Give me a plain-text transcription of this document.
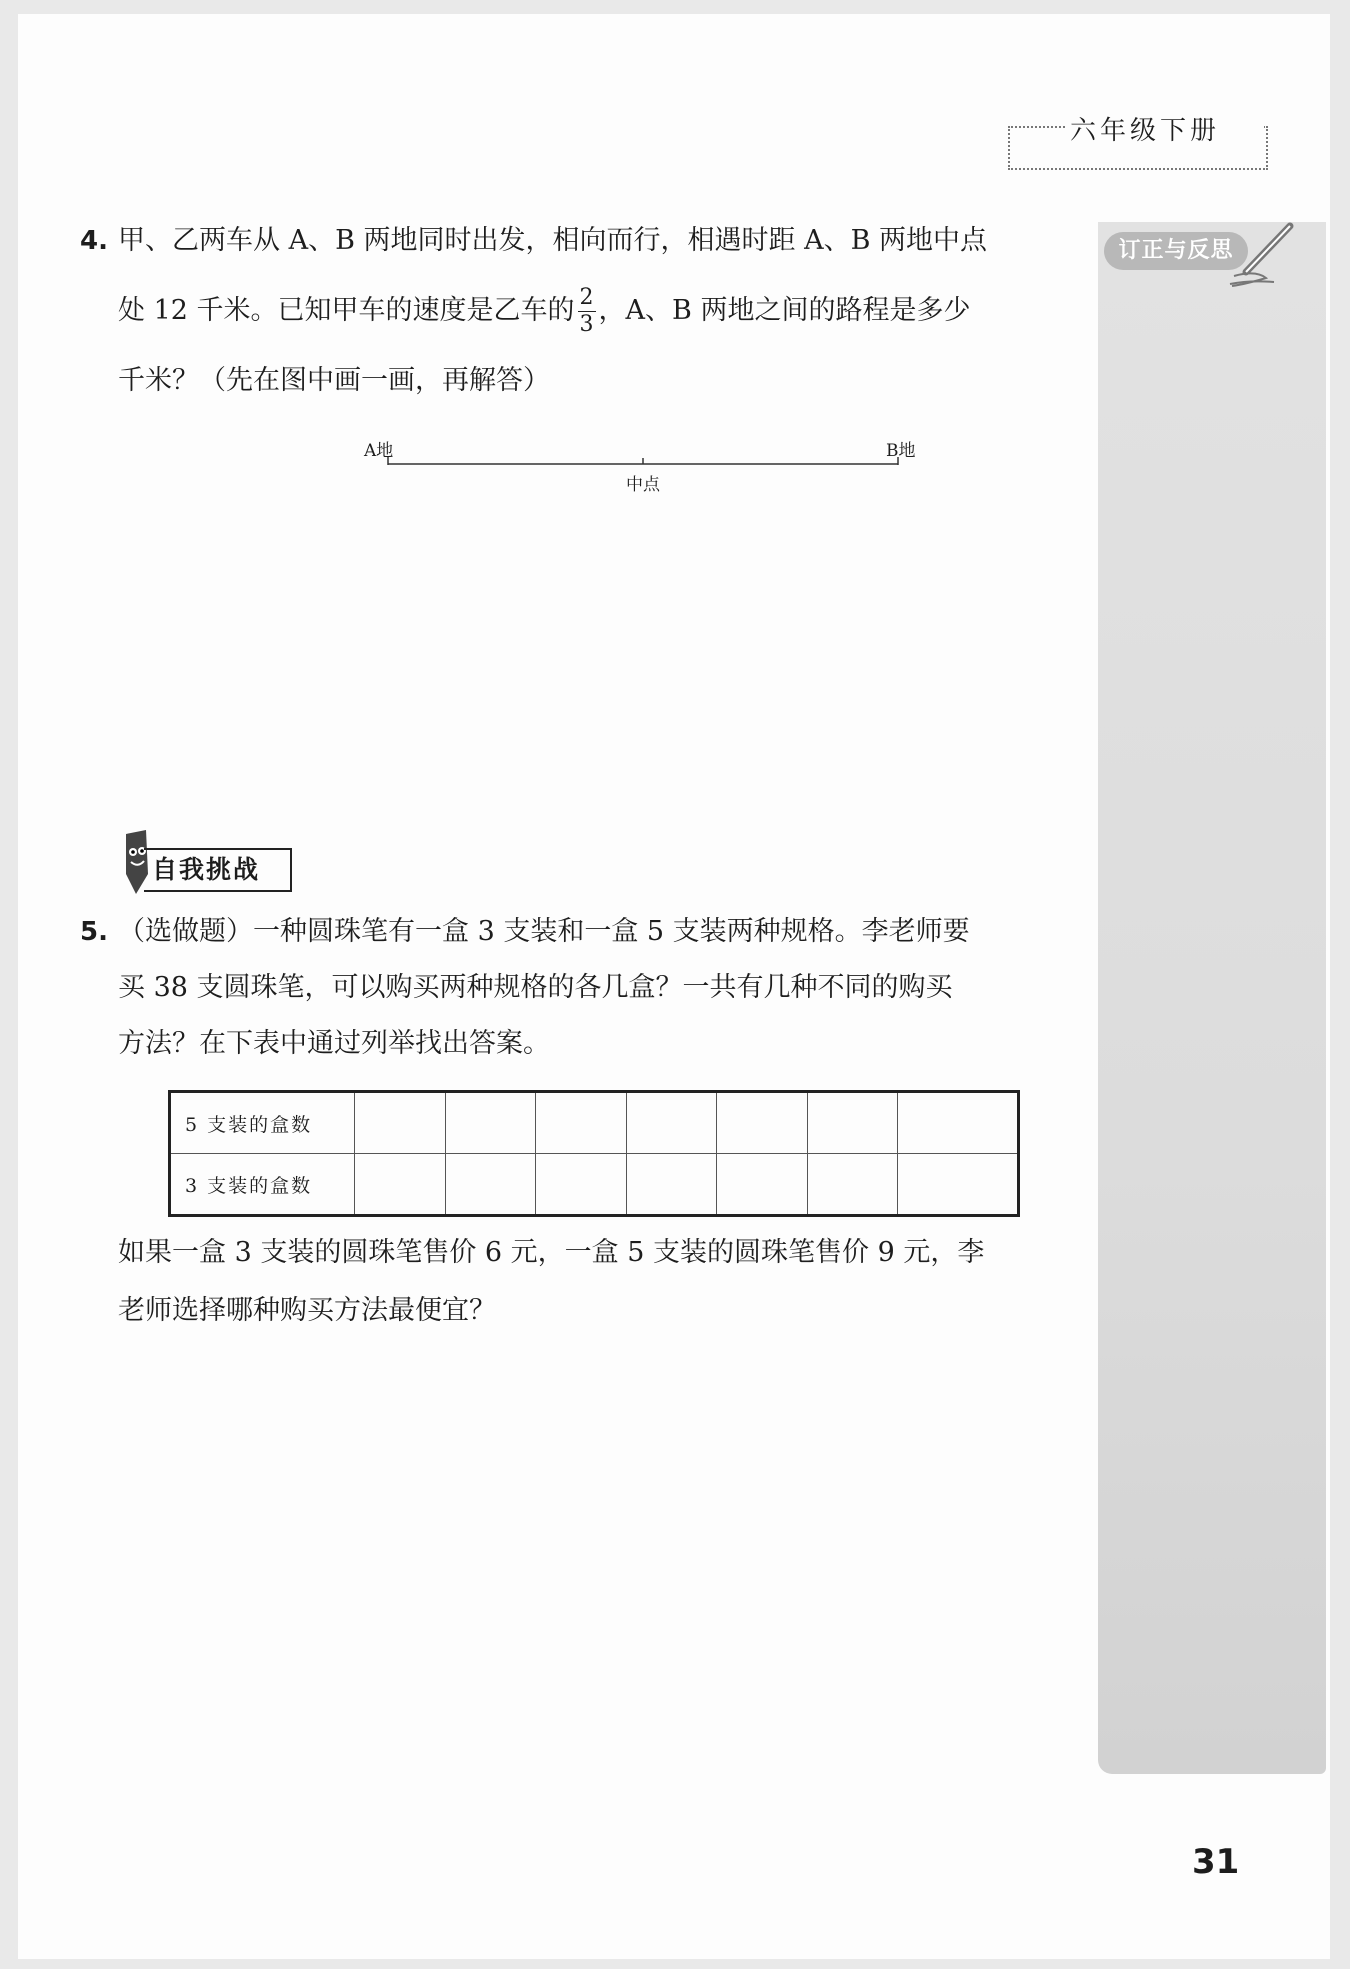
六年级下册
订正与反思
4. 甲、乙两车从 A、B 两地同时出发，相向而行，相遇时距 A、B 两地中点
处 12 千米。已知甲车的速度是乙车的 $\frac{2}{3}$ ，A、B 两地之间的路程是多少
千米？（先在图中画一画，再解答）
A地	B地
中点
自我挑战
5. （选做题）一种圆珠笔有一盒 3 支装和一盒 5 支装两种规格。李老师要
买 38 支圆珠笔，可以购买两种规格的各几盒？一共有几种不同的购买
方法？在下表中通过列举找出答案。
5 支装的盒数							
3 支装的盒数							
如果一盒 3 支装的圆珠笔售价 6 元，一盒 5 支装的圆珠笔售价 9 元，李
老师选择哪种购买方法最便宜？
31
